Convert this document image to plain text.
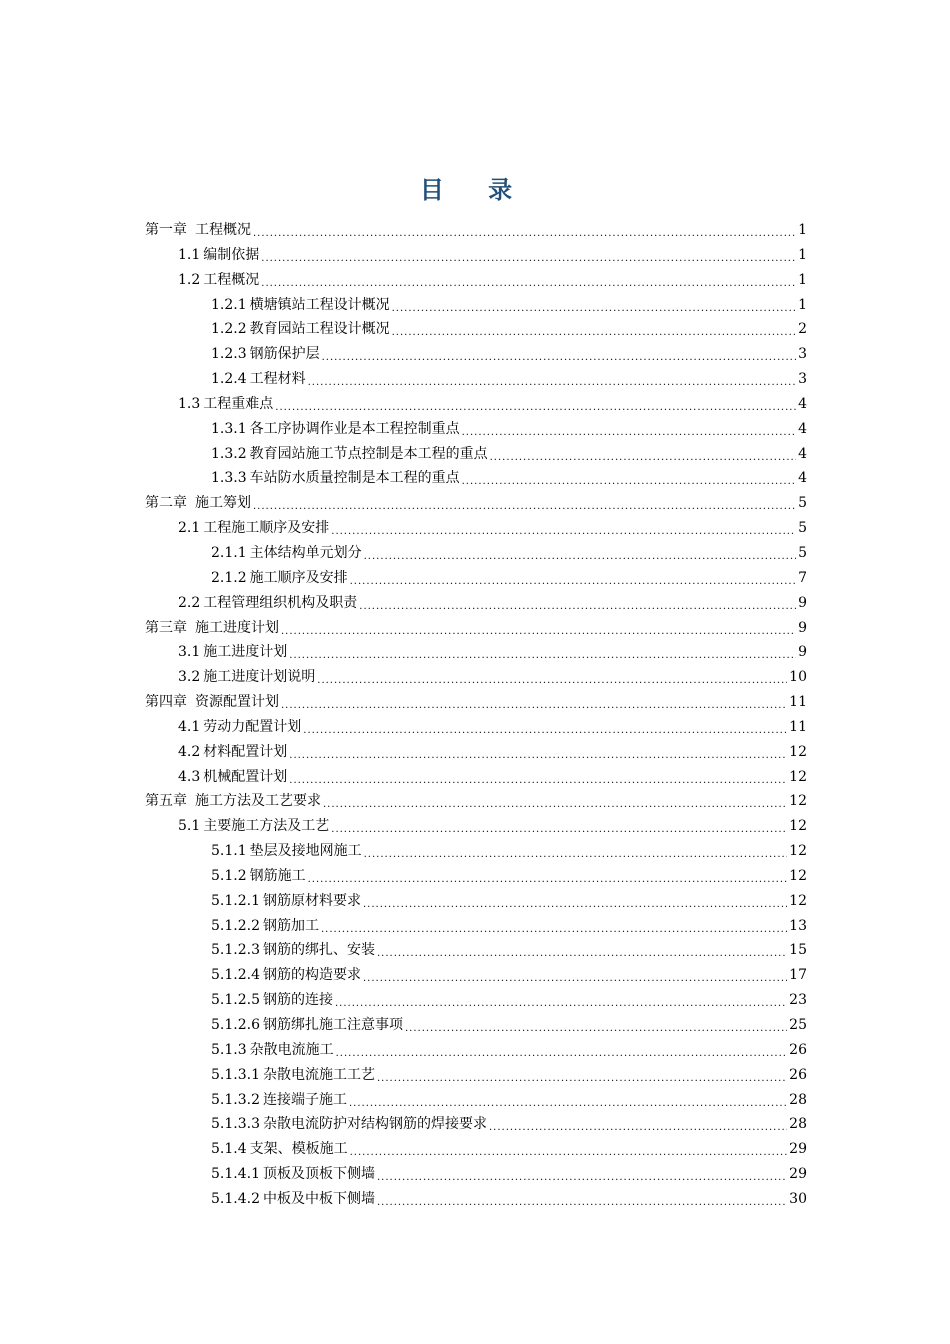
目 录
第一章 工程概况 .....	1
1.1 编制依据 .....	1
1.2 工程概况 .....	1
1.2.1 横塘镇站工程设计概况 .....	1
1.2.2 教育园站工程设计概况 .....	2
1.2.3 钢筋保护层 .....	3
1.2.4 工程材料 .....	3
1.3 工程重难点 .....	4
1.3.1 各工序协调作业是本工程控制重点 .....	4
1.3.2 教育园站施工节点控制是本工程的重点 .....	4
1.3.3 车站防水质量控制是本工程的重点 .....	4
第二章 施工筹划 .....	5
2.1 工程施工顺序及安排 .....	5
2.1.1 主体结构单元划分 .....	5
2.1.2 施工顺序及安排 .....	7
2.2 工程管理组织机构及职责 .....	9
第三章 施工进度计划 .....	9
3.1 施工进度计划 .....	9
3.2 施工进度计划说明 .....	10
第四章 资源配置计划 .....	11
4.1 劳动力配置计划 .....	11
4.2 材料配置计划 .....	12
4.3 机械配置计划 .....	12
第五章 施工方法及工艺要求 .....	12
5.1 主要施工方法及工艺 .....	12
5.1.1 垫层及接地网施工 .....	12
5.1.2 钢筋施工 .....	12
5.1.2.1 钢筋原材料要求 .....	12
5.1.2.2 钢筋加工 .....	13
5.1.2.3 钢筋的绑扎、安装 .....	15
5.1.2.4 钢筋的构造要求 .....	17
5.1.2.5 钢筋的连接 .....	23
5.1.2.6 钢筋绑扎施工注意事项 .....	25
5.1.3 杂散电流施工 .....	26
5.1.3.1 杂散电流施工工艺 .....	26
5.1.3.2 连接端子施工 .....	28
5.1.3.3 杂散电流防护对结构钢筋的焊接要求 .....	28
5.1.4 支架、模板施工 .....	29
5.1.4.1 顶板及顶板下侧墙 .....	29
5.1.4.2 中板及中板下侧墙 .....	30
